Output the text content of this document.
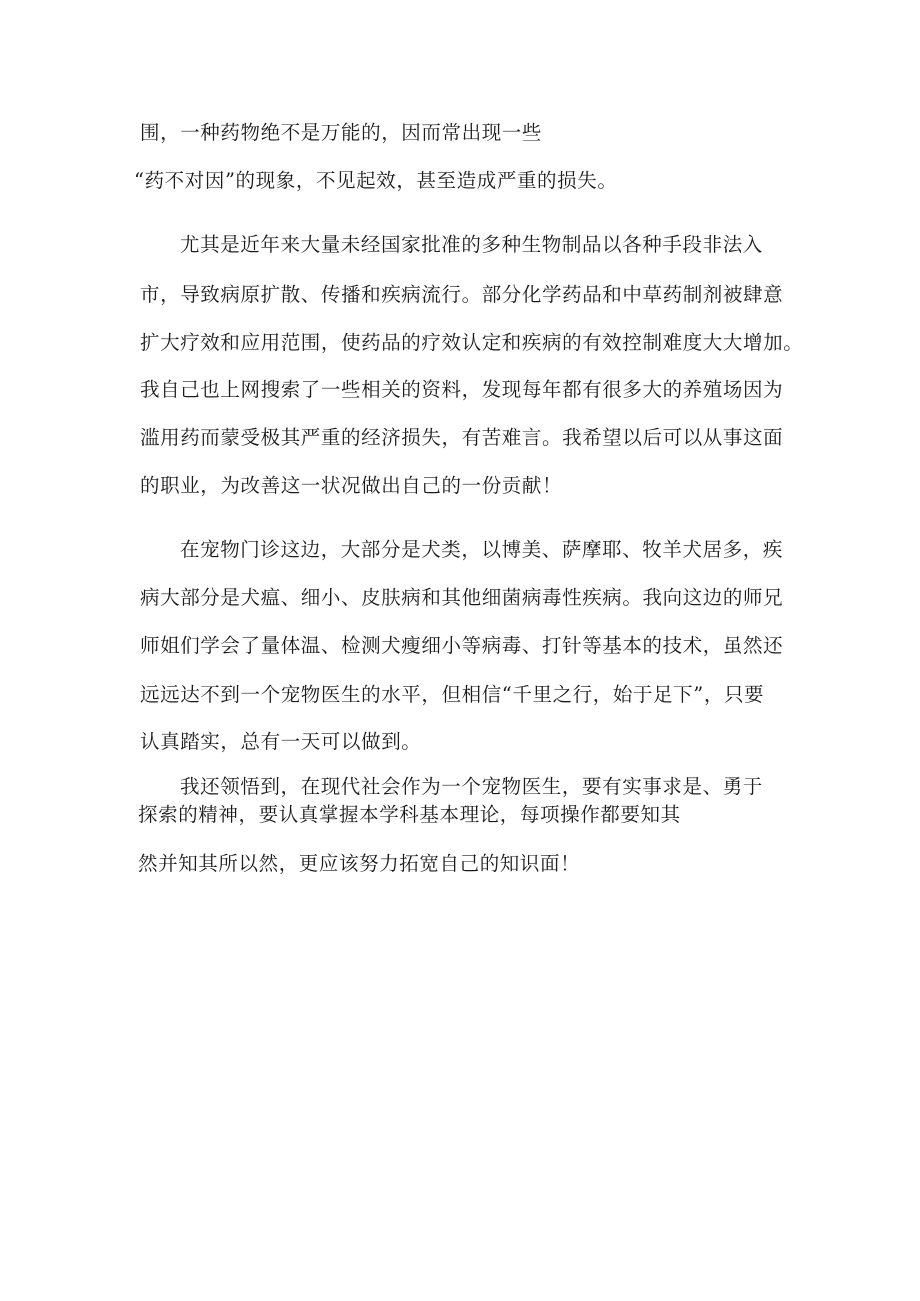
围，一种药物绝不是万能的，因而常出现一些
“药不对因”的现象，不见起效，甚至造成严重的损失。
尤其是近年来大量未经国家批准的多种生物制品以各种手段非法入
市，导致病原扩散、传播和疾病流行。部分化学药品和中草药制剂被肆意
扩大疗效和应用范围，使药品的疗效认定和疾病的有效控制难度大大增加。
我自己也上网搜索了一些相关的资料，发现每年都有很多大的养殖场因为
滥用药而蒙受极其严重的经济损失，有苦难言。我希望以后可以从事这面
的职业，为改善这一状况做出自己的一份贡献！
在宠物门诊这边，大部分是犬类，以博美、萨摩耶、牧羊犬居多，疾
病大部分是犬瘟、细小、皮肤病和其他细菌病毒性疾病。我向这边的师兄
师姐们学会了量体温、检测犬瘦细小等病毒、打针等基本的技术，虽然还
远远达不到一个宠物医生的水平，但相信“千里之行，始于足下”，只要
认真踏实，总有一天可以做到。
我还领悟到，在现代社会作为一个宠物医生，要有实事求是、勇于
探索的精神，要认真掌握本学科基本理论，每项操作都要知其
然并知其所以然，更应该努力拓宽自己的知识面！
